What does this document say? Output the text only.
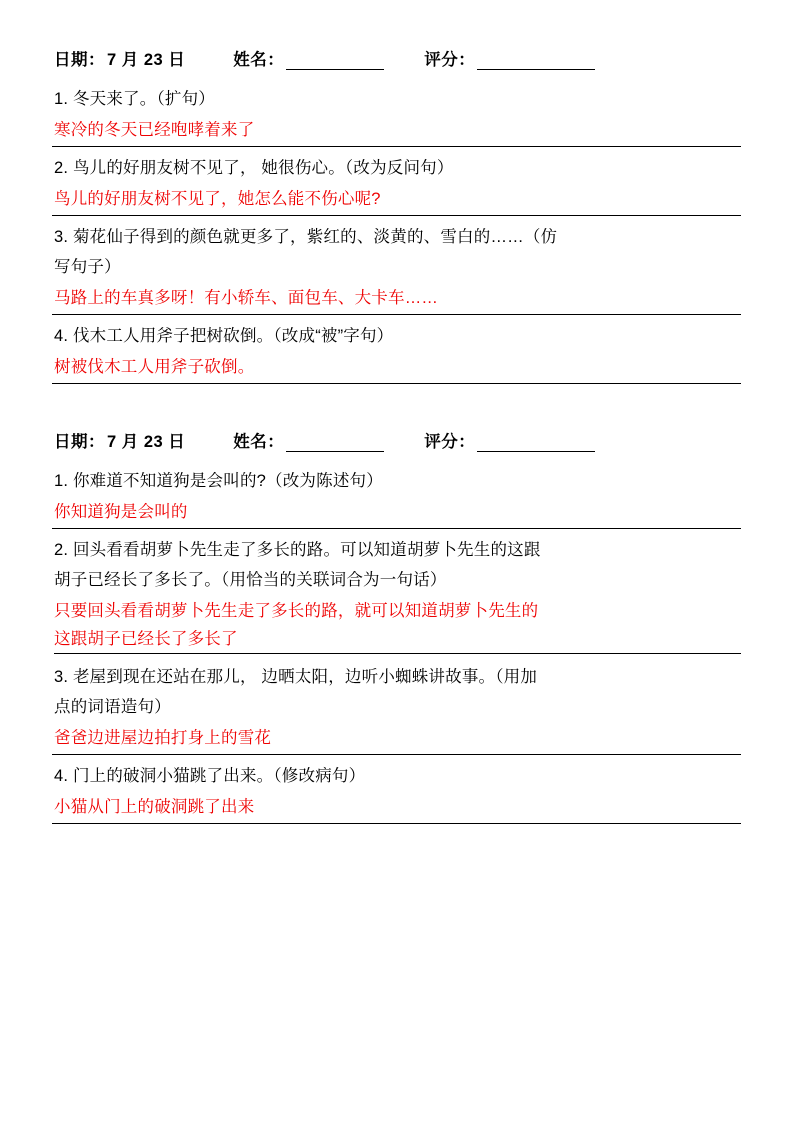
日期： 7 月 23 日	姓名：	评分：
1. 冬天来了。（扩句）
寒冷的冬天已经咆哮着来了
2. 鸟儿的好朋友树不见了， 她很伤心。（改为反问句）
鸟儿的好朋友树不见了，她怎么能不伤心呢?
3. 菊花仙子得到的颜色就更多了，紫红的、淡黄的、雪白的……（仿
写句子）
马路上的车真多呀！有小轿车、面包车、大卡车……
4. 伐木工人用斧子把树砍倒。（改成“被”字句）
树被伐木工人用斧子砍倒。
日期： 7 月 23 日	姓名：	评分：
1. 你难道不知道狗是会叫的?（改为陈述句）
你知道狗是会叫的
2. 回头看看胡萝卜先生走了多长的路。可以知道胡萝卜先生的这跟
胡子已经长了多长了。（用恰当的关联词合为一句话）
只要回头看看胡萝卜先生走了多长的路，就可以知道胡萝卜先生的
这跟胡子已经长了多长了
3. 老屋到现在还站在那儿， 边晒太阳，边听小蜘蛛讲故事。（用加
点的词语造句）
爸爸边进屋边拍打身上的雪花
4. 门上的破洞小猫跳了出来。（修改病句）
小猫从门上的破洞跳了出来
